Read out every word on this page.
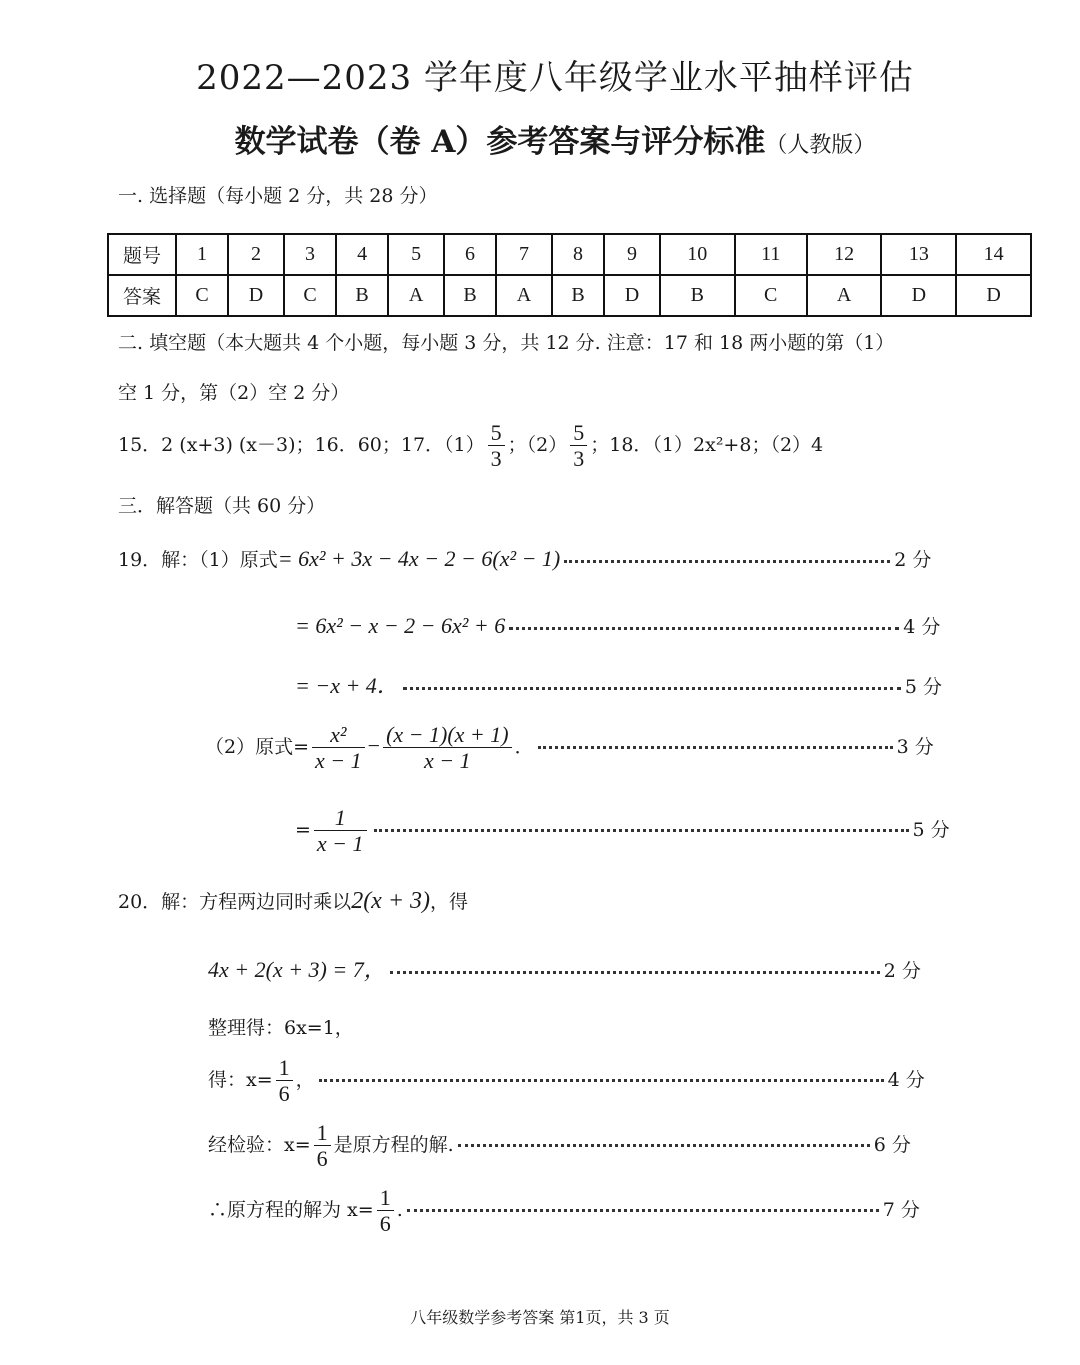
2022—2023 学年度八年级学业水平抽样评估
数学试卷（卷 A）参考答案与评分标准（人教版）
一. 选择题（每小题 2 分，共 28 分）
题号	1	2	3	4	5	6	7	8	9	10	11	12	13	14
答案	C	D	C	B	A	B	A	B	D	B	C	A	D	D
二. 填空题（本大题共 4 个小题，每小题 3 分，共 12 分. 注意：17 和 18 两小题的第（1）
空 1 分，第（2）空 2 分）
15．2 (x+3) (x－3)；16．60；17．$(1) \frac{5}{3}$ ；$(2) \frac{5}{3}$ ；18．（1）2x²+8；（2）4
三．解答题（共 60 分）
19．解：（1）原式= 6x² + 3x − 4x − 2 − 6(x² − 1)	2 分
= 6x² − x − 2 − 6x² + 6	4 分
= −x + 4．	5 分
（2）原式= $\frac{\text{x²}}{x - 1} - \frac{(x - 1)(x + 1)}{x - 1}$ ．	3 分
= $\frac{1}{x - 1}$	5 分
20．解：方程两边同时乘以2(x + 3)，得
4x + 2(x + 3) = 7，	2 分
整理得：6x=1，
得：$x= \frac{1}{6}$ ，	4 分
经检验：$x= \frac{1}{6}$ 是原方程的解.	6 分
∴原方程的解为 $x= \frac{1}{6}$ .	7 分
八年级数学参考答案 第1页，共 3 页
